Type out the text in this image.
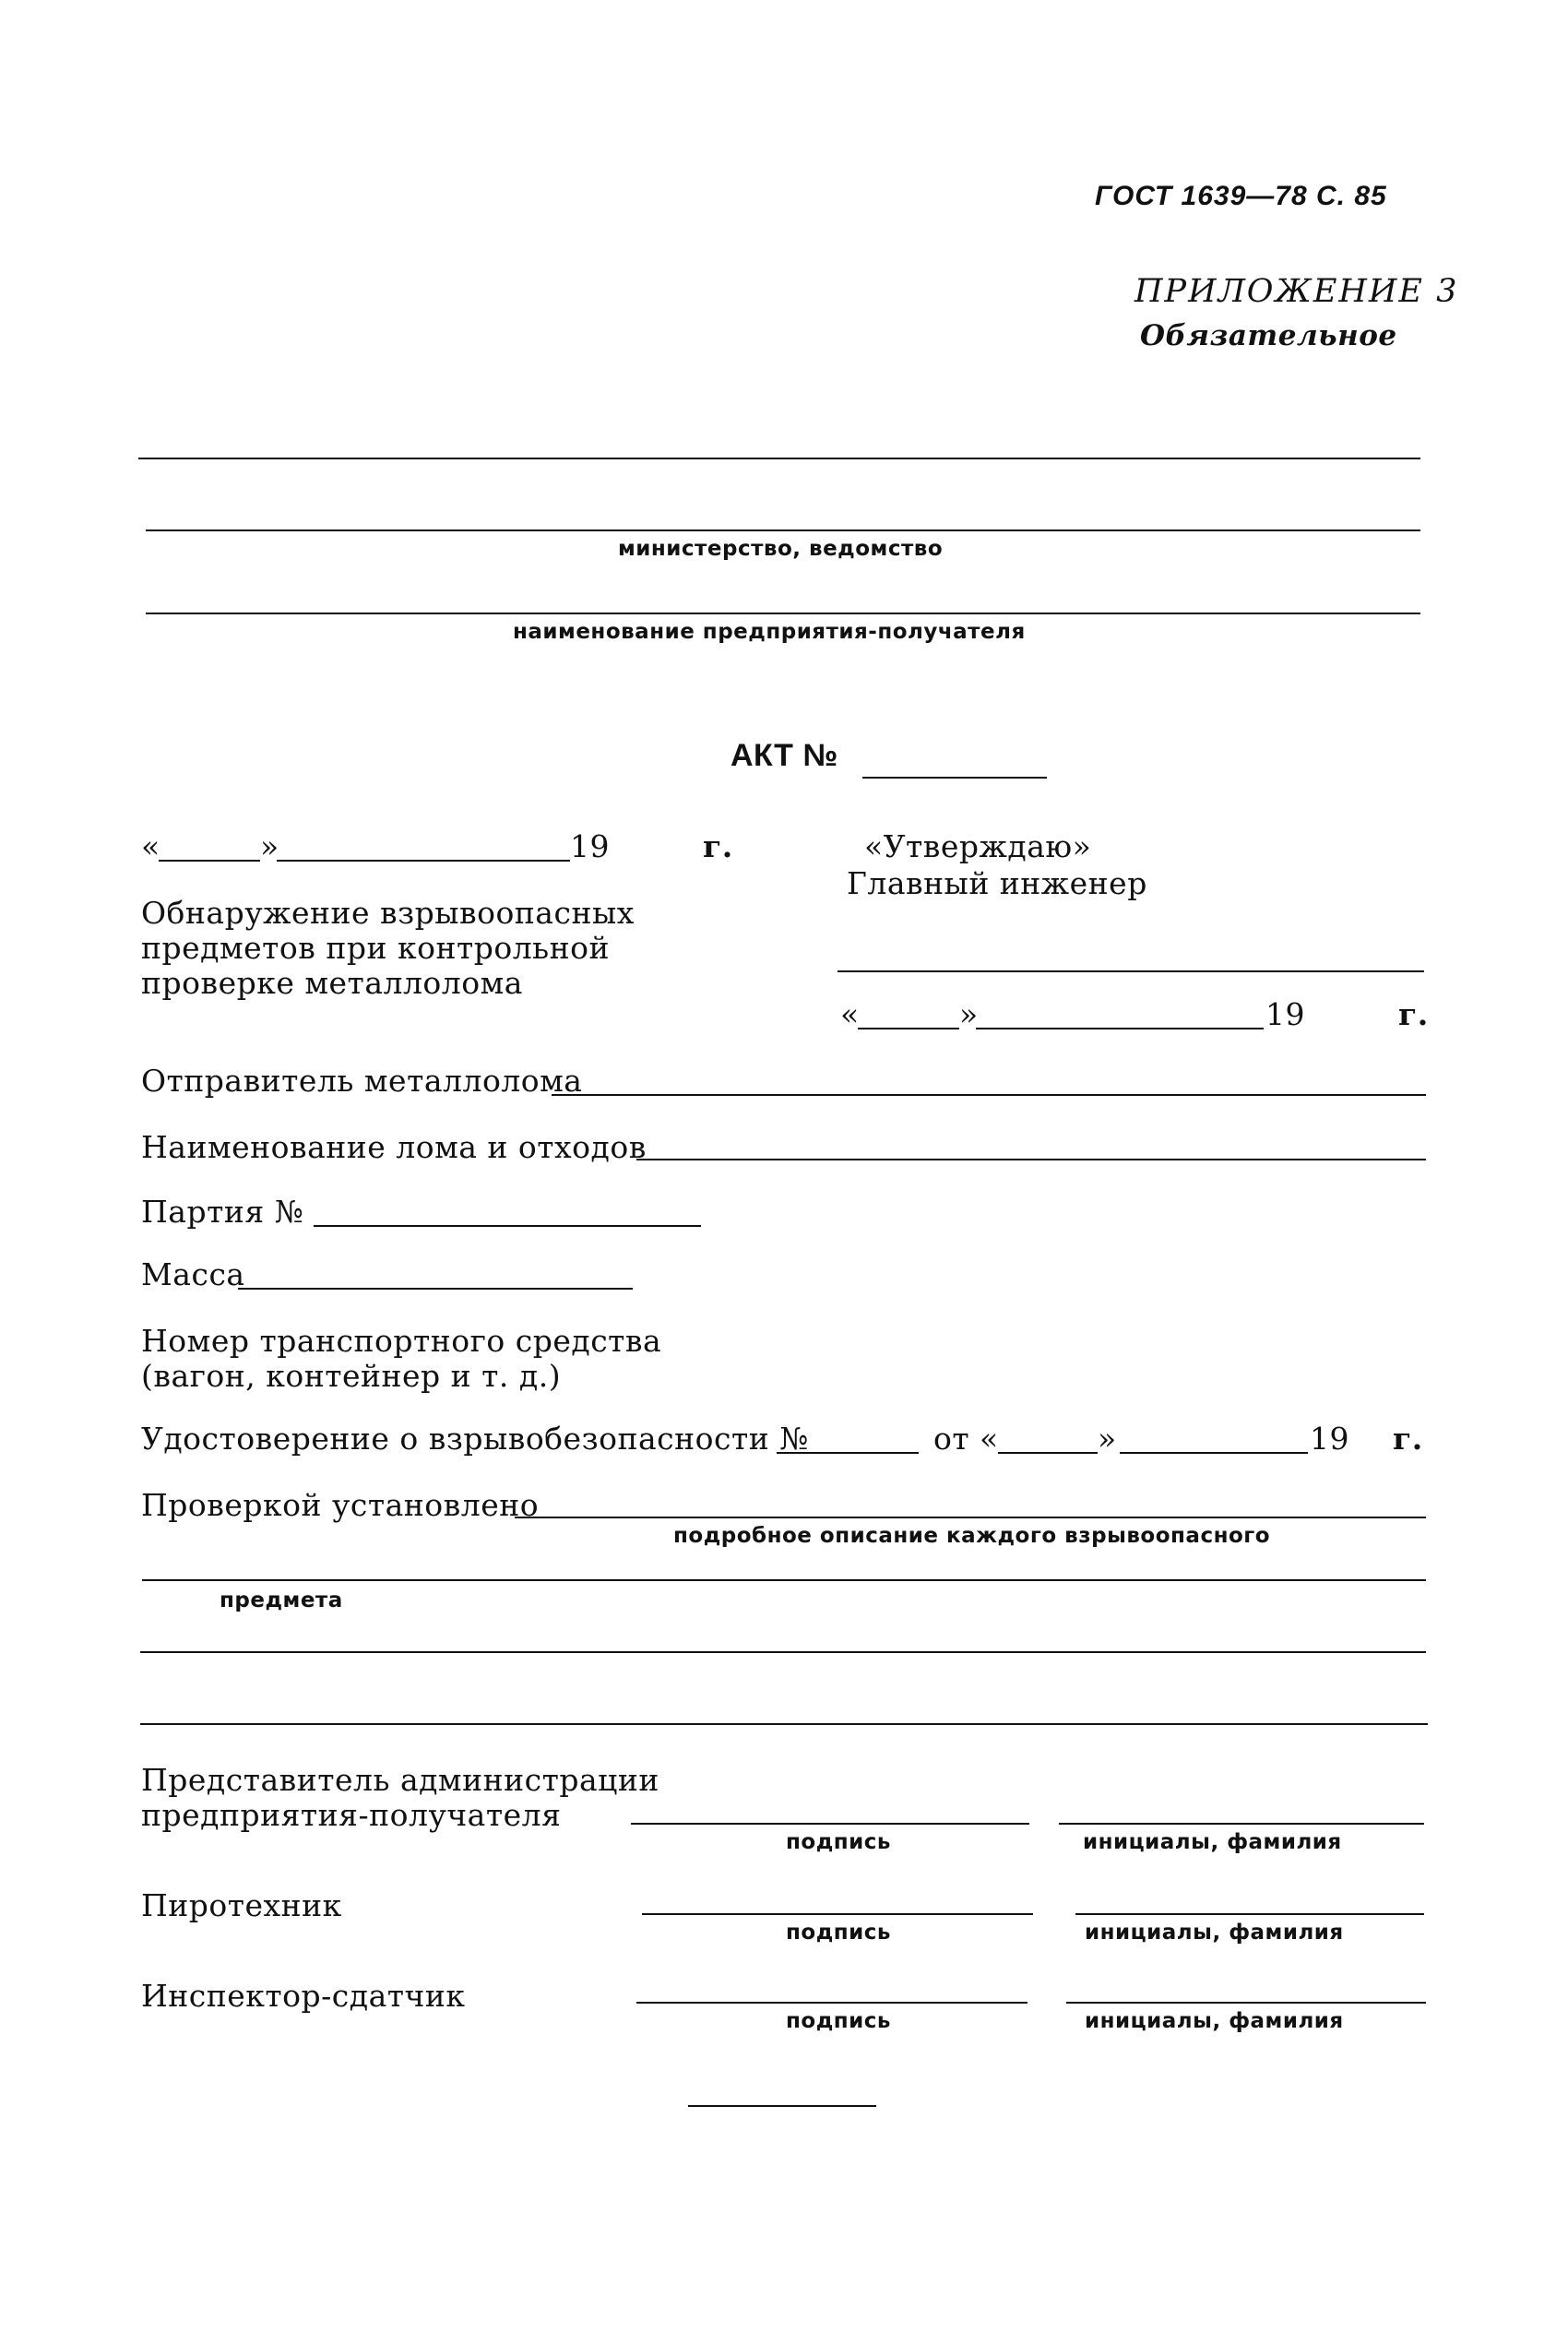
ГОСТ 1639—78 С. 85
ПРИЛОЖЕНИЕ 3
Обязательное
министерство, ведомство
наименование предприятия-получателя
АКТ №
«	»	19	г.
Обнаружение взрывоопасных
предметов при контрольной
проверке металлолома
«Утверждаю»
Главный инженер
«	»	19	г.
Отправитель металлолома
Наименование лома и отходов
Партия №
Масса
Номер транспортного средства
(вагон, контейнер и т. д.)
Удостоверение о взрывобезопасности №	от «	»	19 г.
Проверкой установлено
подробное описание каждого взрывоопасного
предмета
Представитель администрации
предприятия-получателя
подпись	инициалы, фамилия
Пиротехник
подпись	инициалы, фамилия
Инспектор-сдатчик
подпись	инициалы, фамилия
